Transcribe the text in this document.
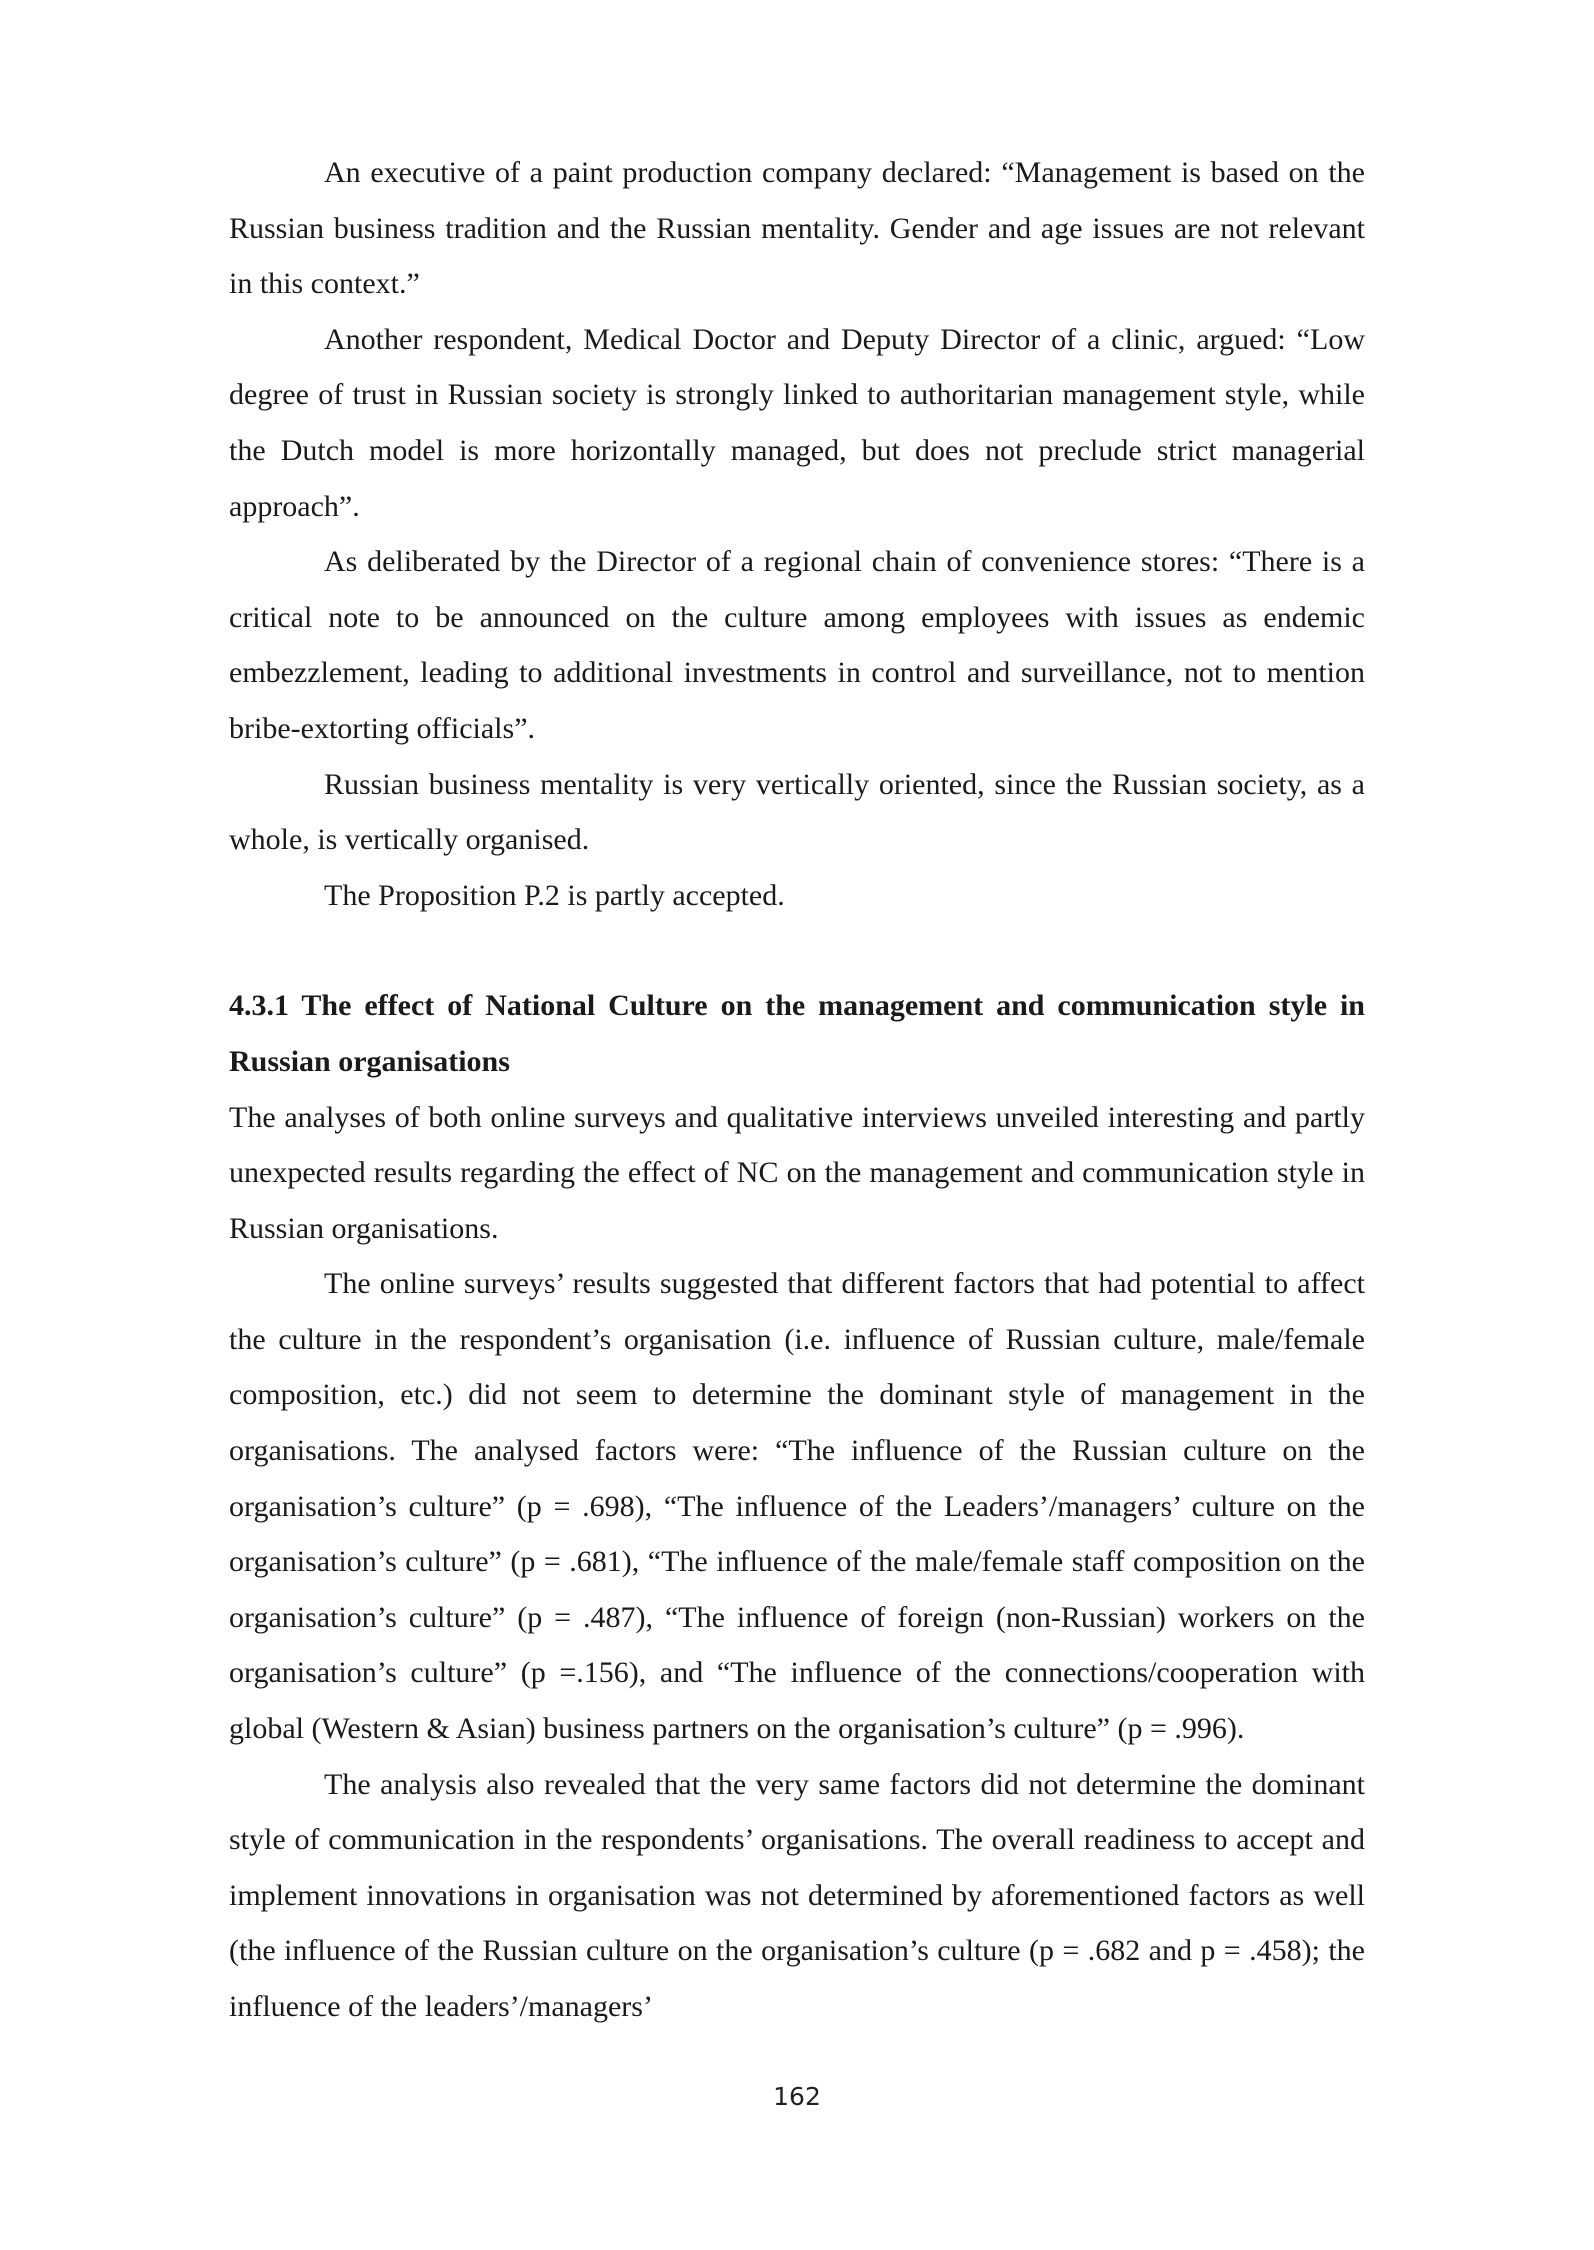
An executive of a paint production company declared: “Management is based on the Russian business tradition and the Russian mentality. Gender and age issues are not relevant in this context.”

Another respondent, Medical Doctor and Deputy Director of a clinic, argued: “Low degree of trust in Russian society is strongly linked to authoritarian management style, while the Dutch model is more horizontally managed, but does not preclude strict managerial approach”.

As deliberated by the Director of a regional chain of convenience stores: “There is a critical note to be announced on the culture among employees with issues as endemic embezzlement, leading to additional investments in control and surveillance, not to mention bribe-extorting officials”.

Russian business mentality is very vertically oriented, since the Russian society, as a whole, is vertically organised.

The Proposition P.2 is partly accepted.

4.3.1 The effect of National Culture on the management and communication style in Russian organisations

The analyses of both online surveys and qualitative interviews unveiled interesting and partly unexpected results regarding the effect of NC on the management and communication style in Russian organisations.

The online surveys’ results suggested that different factors that had potential to affect the culture in the respondent’s organisation (i.e. influence of Russian culture, male/female composition, etc.) did not seem to determine the dominant style of management in the organisations. The analysed factors were: “The influence of the Russian culture on the organisation’s culture” (p = .698), “The influence of the Leaders’/managers’ culture on the organisation’s culture” (p = .681), “The influence of the male/female staff composition on the organisation’s culture” (p = .487), “The influence of foreign (non-Russian) workers on the organisation’s culture” (p =.156), and “The influence of the connections/cooperation with global (Western & Asian) business partners on the organisation’s culture” (p = .996).

The analysis also revealed that the very same factors did not determine the dominant style of communication in the respondents’ organisations. The overall readiness to accept and implement innovations in organisation was not determined by aforementioned factors as well (the influence of the Russian culture on the organisation’s culture (p = .682 and p = .458); the influence of the leaders’/managers’

162
